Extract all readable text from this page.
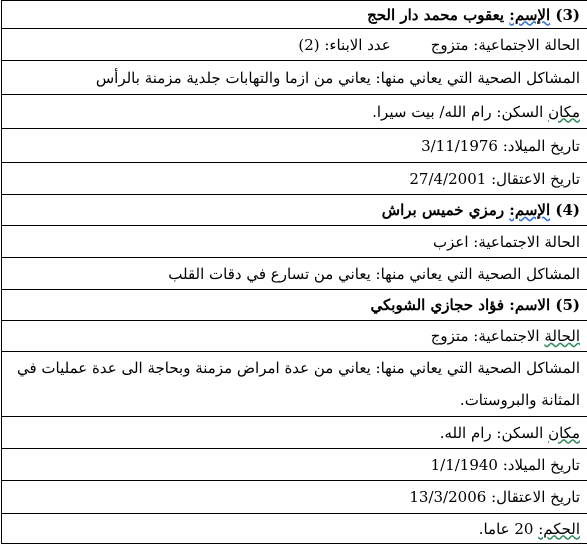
(3)

الإسم:

يعقوب محمد دار الحج
الحالة الاجتماعية: متزوج
عدد الابناء: (2)
المشاكل الصحية التي يعاني منها: يعاني من ازما والتهابات جلدية مزمنة بالرأس
مكان

السكن: رام الله/ بيت سيرا.
تاريخ الميلاد: 3/11/1976
تاريخ الاعتقال: 27/4/2001
(4)

الإسم:

رمزي خميس براش
الحالة الاجتماعية: اعزب
المشاكل الصحية التي يعاني منها: يعاني من تسارع في دقات القلب
(5)

الاسم:

فؤاد حجازي الشوبكي
الحالة

الاجتماعية: متزوج
المشاكل الصحية التي يعاني منها: يعاني من عدة امراض مزمنة وبحاجة الى عدة عمليات في
المثانة والبروستات.
مكان

السكن: رام الله.
تاريخ الميلاد: 1/1/1940
تاريخ الاعتقال: 13/3/2006
الحكم:

20 عاما.
